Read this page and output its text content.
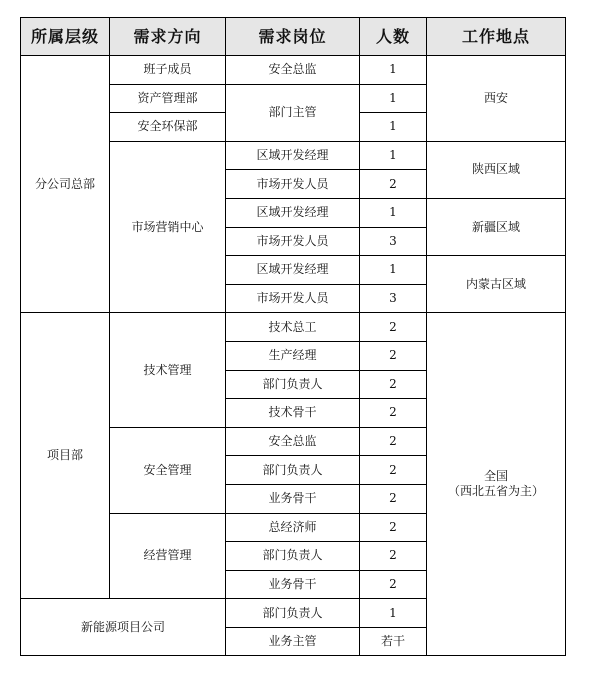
所属层级	需求方向	需求岗位	人数	工作地点
分公司总部	班子成员	安全总监	1	西安
	资产管理部	部门主管	1	
	安全环保部		1	
	市场营销中心	区域开发经理	1	陕西区域
		市场开发人员	2	
		区域开发经理	1	新疆区域
		市场开发人员	3	
		区域开发经理	1	内蒙古区域
		市场开发人员	3	
项目部	技术管理	技术总工	2	全国
（西北五省为主）

		生产经理	2	
		部门负责人	2	
		技术骨干	2	
	安全管理	安全总监	2	
		部门负责人	2	
		业务骨干	2	
	经营管理	总经济师	2	
		部门负责人	2	
		业务骨干	2	
新能源项目公司		部门负责人	1	
		业务主管	若干	
